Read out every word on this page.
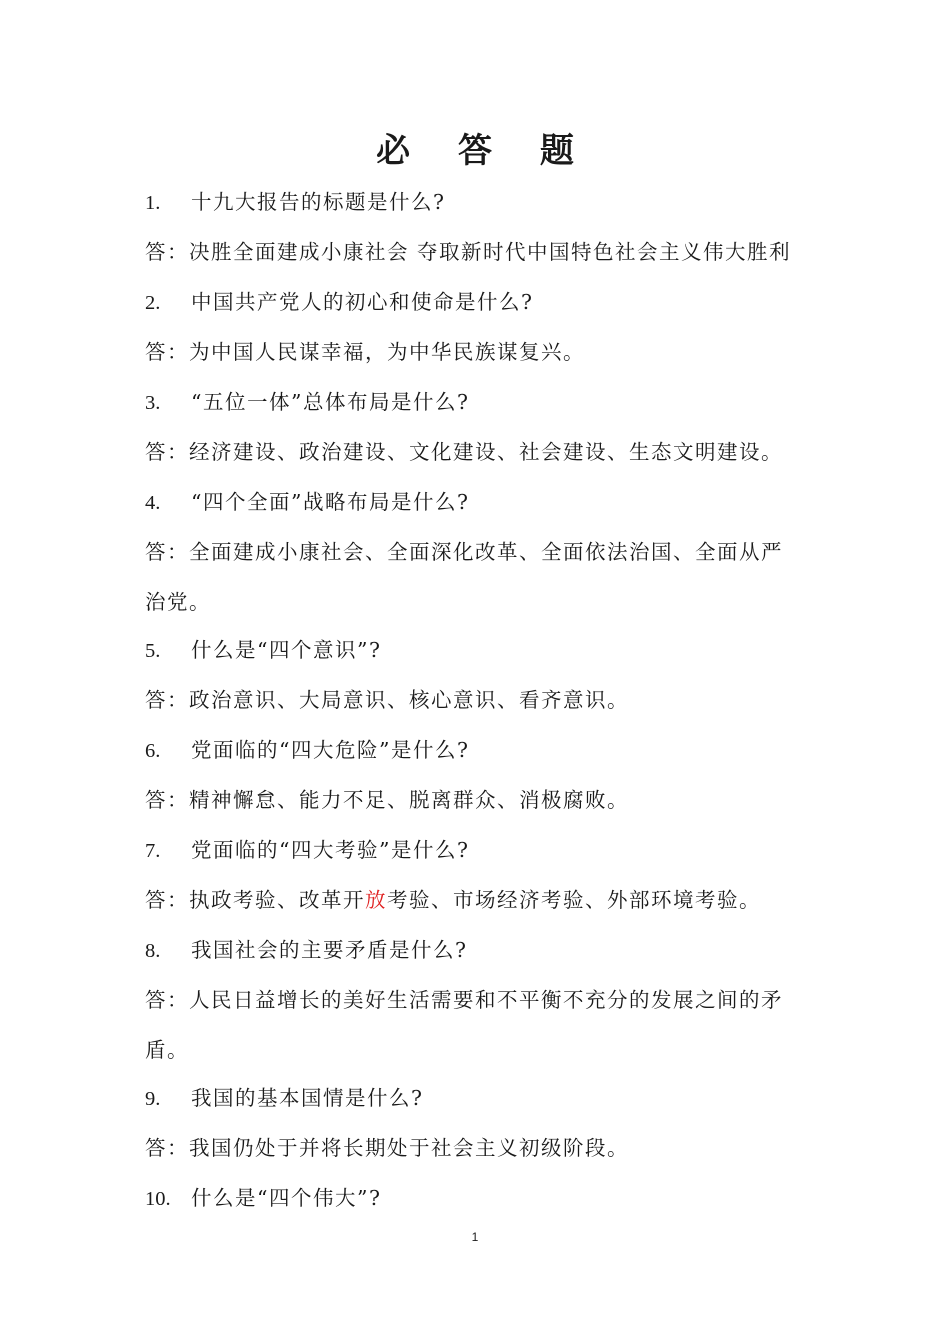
必 答 题
1. 十九大报告的标题是什么?
答：决胜全面建成小康社会 夺取新时代中国特色社会主义伟大胜利
2. 中国共产党人的初心和使命是什么?
答：为中国人民谋幸福，为中华民族谋复兴。
3. “五位一体”总体布局是什么?
答：经济建设、政治建设、文化建设、社会建设、生态文明建设。
4. “四个全面”战略布局是什么?
答：全面建成小康社会、全面深化改革、全面依法治国、全面从严
治党。
5. 什么是“四个意识”?
答：政治意识、大局意识、核心意识、看齐意识。
6. 党面临的“四大危险”是什么?
答：精神懈怠、能力不足、脱离群众、消极腐败。
7. 党面临的“四大考验”是什么?
答：执政考验、改革开放考验、市场经济考验、外部环境考验。
8. 我国社会的主要矛盾是什么?
答：人民日益增长的美好生活需要和不平衡不充分的发展之间的矛
盾。
9. 我国的基本国情是什么?
答：我国仍处于并将长期处于社会主义初级阶段。
10. 什么是“四个伟大”?
1
